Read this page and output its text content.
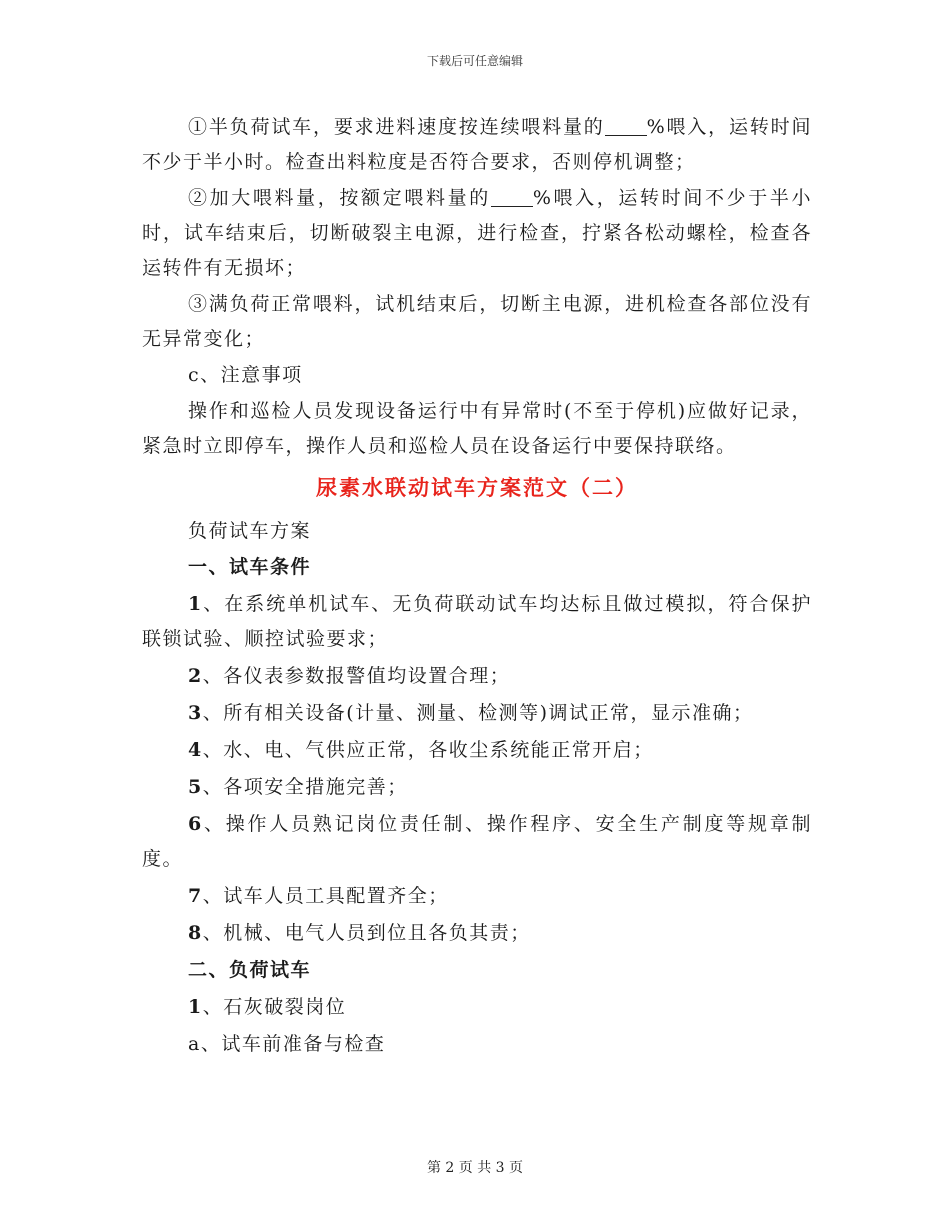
下载后可任意编辑

①半负荷试车，要求进料速度按连续喂料量的 %喂入，运转时间不少于半小时。检查出料粒度是否符合要求，否则停机调整；

②加大喂料量，按额定喂料量的 %喂入，运转时间不少于半小时，试车结束后，切断破裂主电源，进行检查，拧紧各松动螺栓，检查各运转件有无损坏；

③满负荷正常喂料，试机结束后，切断主电源，进机检查各部位没有无异常变化；

c、注意事项

操作和巡检人员发现设备运行中有异常时(不至于停机)应做好记录，紧急时立即停车，操作人员和巡检人员在设备运行中要保持联络。

尿素水联动试车方案范文（二）

负荷试车方案

一、试车条件

1、在系统单机试车、无负荷联动试车均达标且做过模拟，符合保护联锁试验、顺控试验要求；

2、各仪表参数报警值均设置合理；

3、所有相关设备(计量、测量、检测等)调试正常，显示准确；

4、水、电、气供应正常，各收尘系统能正常开启；

5、各项安全措施完善；

6、操作人员熟记岗位责任制、操作程序、安全生产制度等规章制度。

7、试车人员工具配置齐全；

8、机械、电气人员到位且各负其责；

二、负荷试车

1、石灰破裂岗位

a、试车前准备与检查

第 2 页 共 3 页
